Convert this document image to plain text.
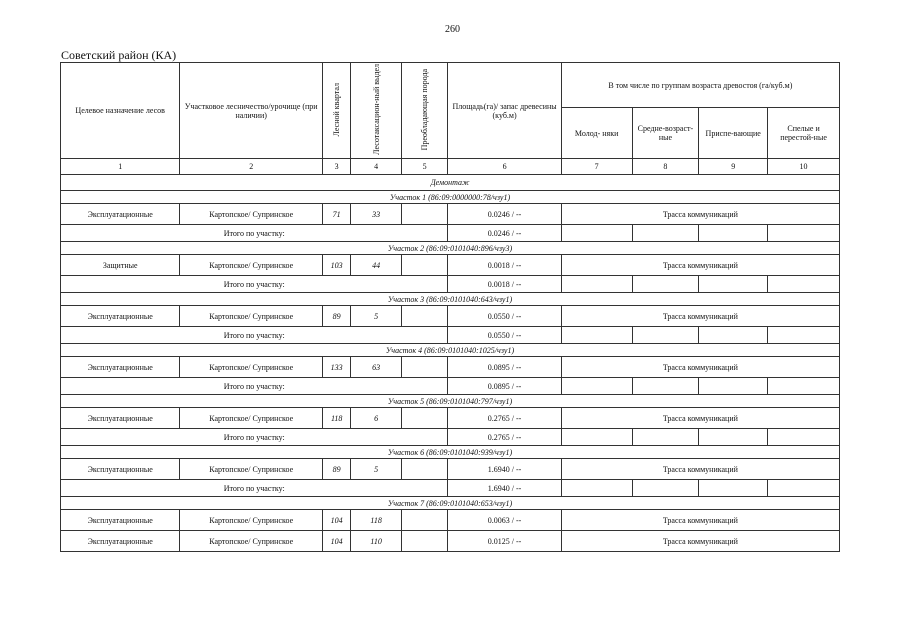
260
Советский район (КА)
Целевое назначение лесов	Участковое лесничество/урочище (при наличии)	Лесной квартал	Лесотаксацион-ный выдел	Преобладающая порода	Площадь(га)/ запас древесины (куб.м)	В том числе по группам возраста древостоя (га/куб.м)			
						Молод- няки	Средне-возраст-ные	Приспе-вающие	Спелые и перестой-ные
1	2	3	4	5	6	7	8	9	10
Демонтаж									
Участок 1 (86:09:0000000:78/чзу1)									
Эксплуатационные	Картопское/ Супринское	71	33		0.0246 / --	Трасса коммуникаций			
Итого по участку:					0.0246 / --				
Участок 2 (86:09:0101040:896/чзу3)									
Защитные	Картопское/ Супринское	103	44		0.0018 / --	Трасса коммуникаций			
Итого по участку:					0.0018 / --				
Участок 3 (86:09:0101040:643/чзу1)									
Эксплуатационные	Картопское/ Супринское	89	5		0.0550 / --	Трасса коммуникаций			
Итого по участку:					0.0550 / --				
Участок 4 (86:09:0101040:1025/чзу1)									
Эксплуатационные	Картопское/ Супринское	133	63		0.0895 / --	Трасса коммуникаций			
Итого по участку:					0.0895 / --				
Участок 5 (86:09:0101040:797/чзу1)									
Эксплуатационные	Картопское/ Супринское	118	6		0.2765 / --	Трасса коммуникаций			
Итого по участку:					0.2765 / --				
Участок 6 (86:09:0101040:939/чзу1)									
Эксплуатационные	Картопское/ Супринское	89	5		1.6940 / --	Трасса коммуникаций			
Итого по участку:					1.6940 / --				
Участок 7 (86:09:0101040:653/чзу1)									
Эксплуатационные	Картопское/ Супринское	104	118		0.0063 / --	Трасса коммуникаций			
Эксплуатационные	Картопское/ Супринское	104	110		0.0125 / --	Трасса коммуникаций			
